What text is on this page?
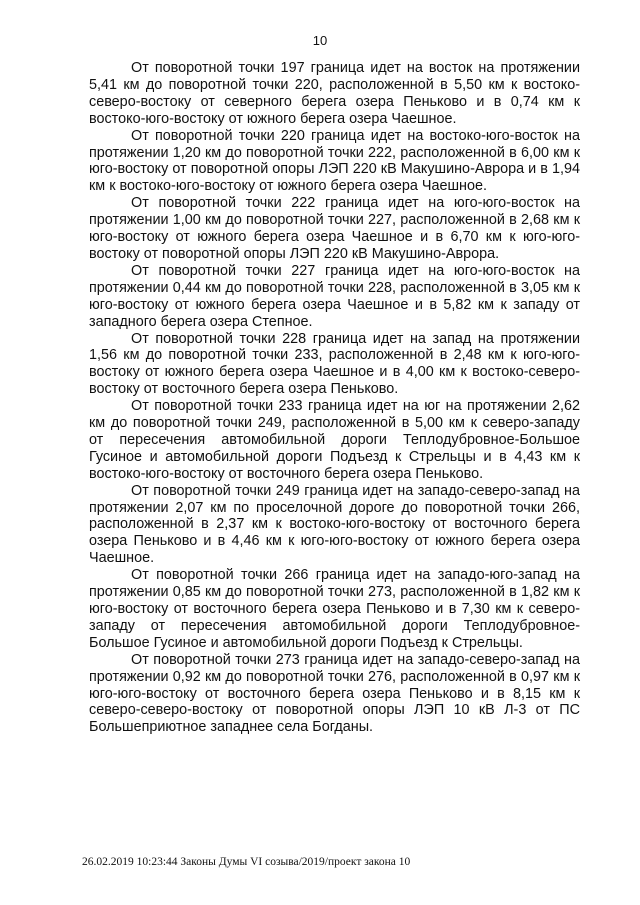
10

От поворотной точки 197 граница идет на восток на протяжении 5,41 км до поворотной точки 220, расположенной в 5,50 км к востоко-северо-востоку от северного берега озера Пеньково и в 0,74 км к востоко-юго-востоку от южного берега озера Чаешное.

От поворотной точки 220 граница идет на востоко-юго-восток на протяжении 1,20 км до поворотной точки 222, расположенной в 6,00 км к юго-востоку от поворотной опоры ЛЭП 220 кВ Макушино-Аврора и в 1,94 км к востоко-юго-востоку от южного берега озера Чаешное.

От поворотной точки 222 граница идет на юго-юго-восток на протяжении 1,00 км до поворотной точки 227, расположенной в 2,68 км к юго-востоку от южного берега озера Чаешное и в 6,70 км к юго-юго-востоку от поворотной опоры ЛЭП 220 кВ Макушино-Аврора.

От поворотной точки 227 граница идет на юго-юго-восток на протяжении 0,44 км до поворотной точки 228, расположенной в 3,05 км к юго-востоку от южного берега озера Чаешное и в 5,82 км к западу от западного берега озера Степное.

От поворотной точки 228 граница идет на запад на протяжении 1,56 км до поворотной точки 233, расположенной в 2,48 км к юго-юго-востоку от южного берега озера Чаешное и в 4,00 км к востоко-северо-востоку от восточного берега озера Пеньково.

От поворотной точки 233 граница идет на юг на протяжении 2,62 км до поворотной точки 249, расположенной в 5,00 км к северо-западу от пересечения автомобильной дороги Теплодубровное-Большое Гусиное и автомобильной дороги Подъезд к Стрельцы и в 4,43 км к востоко-юго-востоку от восточного берега озера Пеньково.

От поворотной точки 249 граница идет на западо-северо-запад на протяжении 2,07 км по проселочной дороге до поворотной точки 266, расположенной в 2,37 км к востоко-юго-востоку от восточного берега озера Пеньково и в 4,46 км к юго-юго-востоку от южного берега озера Чаешное.

От поворотной точки 266 граница идет на западо-юго-запад на протяжении 0,85 км до поворотной точки 273, расположенной в 1,82 км к юго-востоку от восточного берега озера Пеньково и в 7,30 км к северо-западу от пересечения автомобильной дороги Теплодубровное-Большое Гусиное и автомобильной дороги Подъезд к Стрельцы.

От поворотной точки 273 граница идет на западо-северо-запад на протяжении 0,92 км до поворотной точки 276, расположенной в 0,97 км к юго-юго-востоку от восточного берега озера Пеньково и в 8,15 км к северо-северо-востоку от поворотной опоры ЛЭП 10 кВ Л-3 от ПС Большеприютное западнее села Богданы.

26.02.2019 10:23:44 Законы Думы VI созыва/2019/проект закона 10
